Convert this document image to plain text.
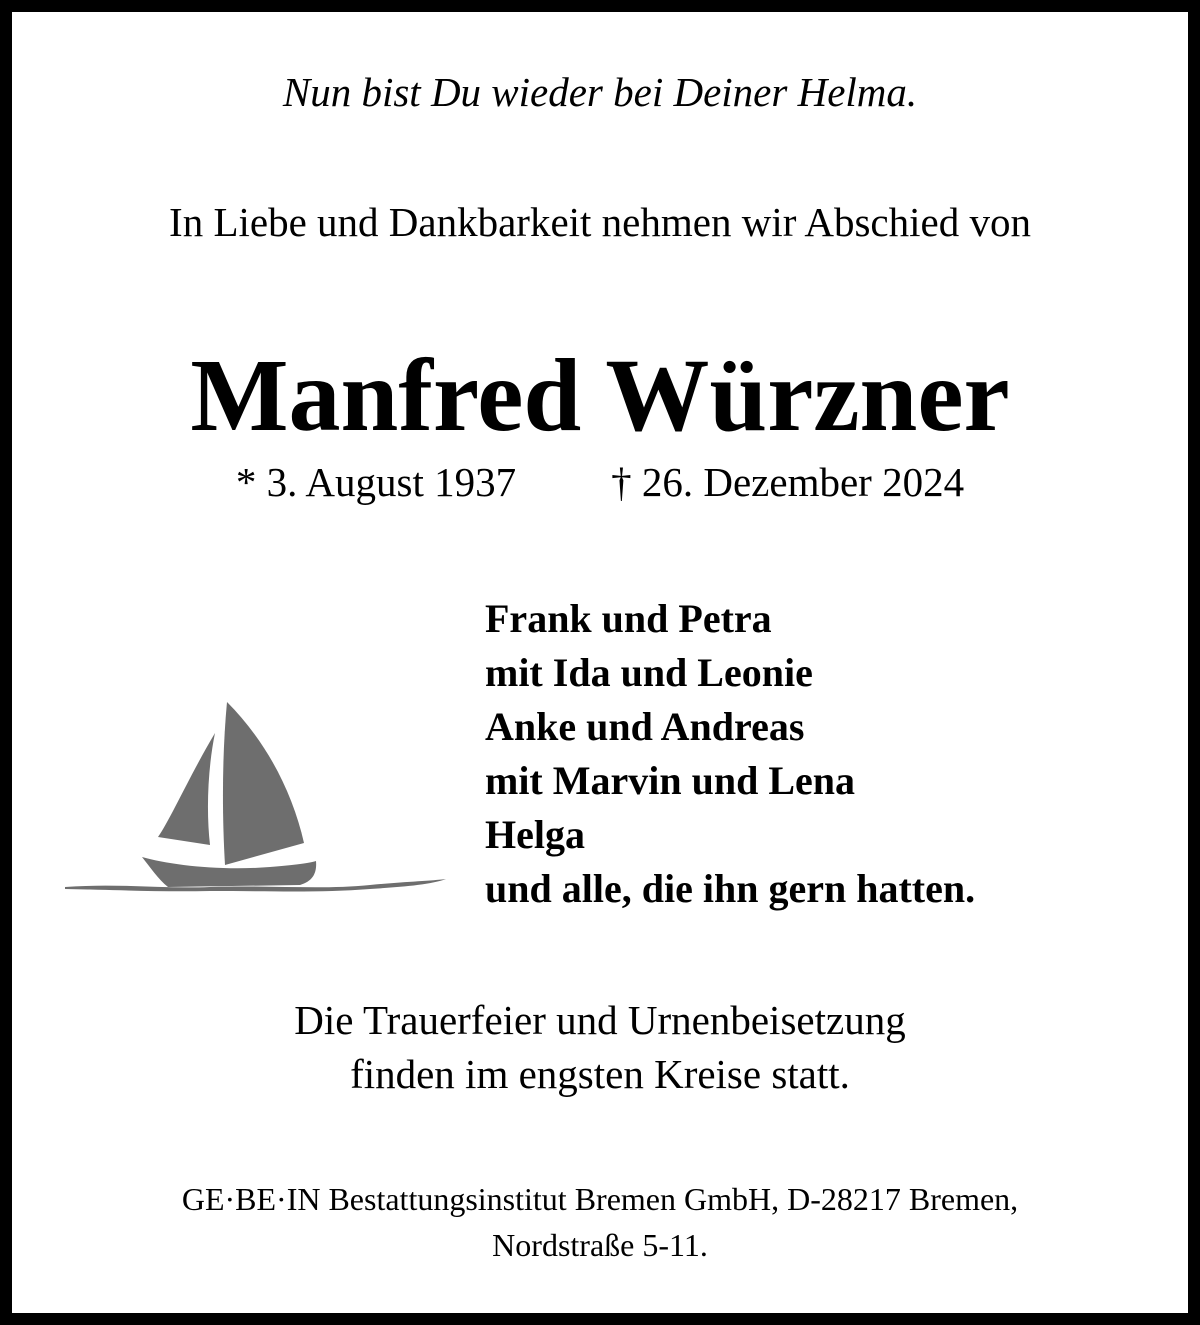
Nun bist Du wieder bei Deiner Helma.
In Liebe und Dankbarkeit nehmen wir Abschied von
Manfred Würzner
* 3. August 1937 † 26. Dezember 2024
Frank und Petra
mit Ida und Leonie
Anke und Andreas
mit Marvin und Lena
Helga
und alle, die ihn gern hatten.
Die Trauerfeier und Urnenbeisetzung
finden im engsten Kreise statt.
GE·BE·IN Bestattungsinstitut Bremen GmbH, D-28217 Bremen,
Nordstraße 5-11.
